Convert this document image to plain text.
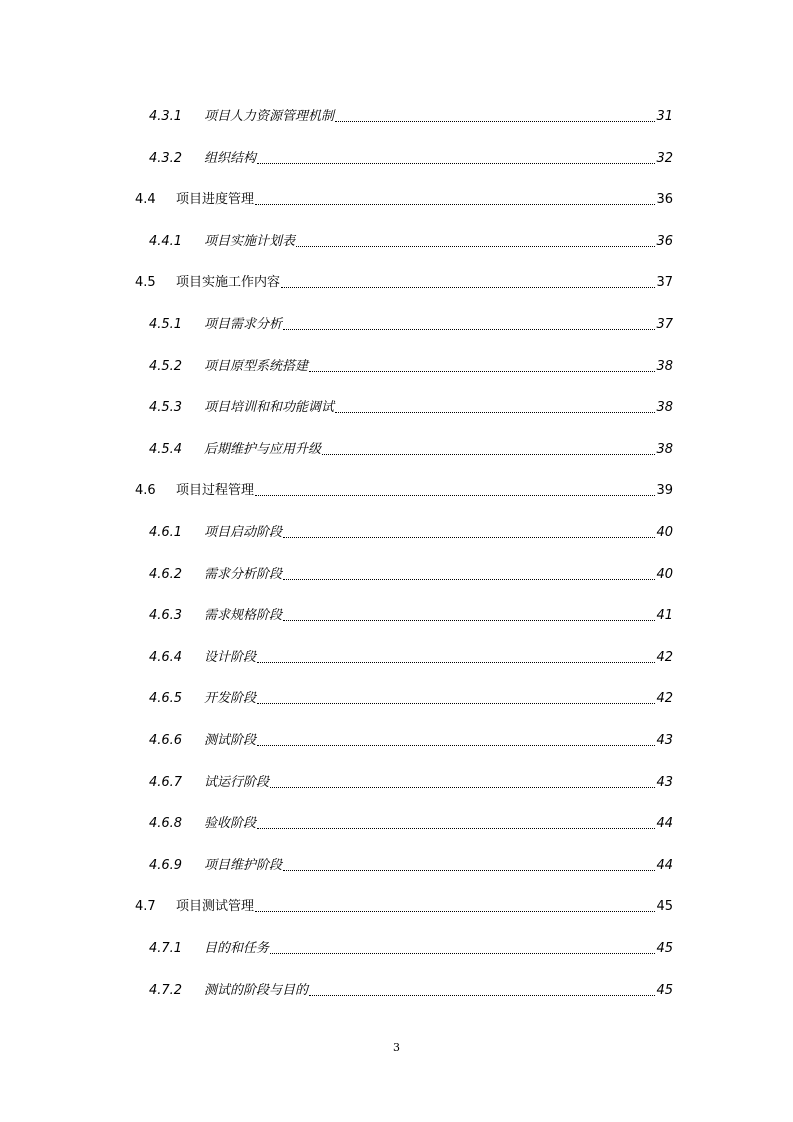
4.3.1	项目人力资源管理机制	31
4.3.2	组织结构	32
4.4	项目进度管理	36
4.4.1	项目实施计划表	36
4.5	项目实施工作内容	37
4.5.1	项目需求分析	37
4.5.2	项目原型系统搭建	38
4.5.3	项目培训和和功能调试	38
4.5.4	后期维护与应用升级	38
4.6	项目过程管理	39
4.6.1	项目启动阶段	40
4.6.2	需求分析阶段	40
4.6.3	需求规格阶段	41
4.6.4	设计阶段	42
4.6.5	开发阶段	42
4.6.6	测试阶段	43
4.6.7	试运行阶段	43
4.6.8	验收阶段	44
4.6.9	项目维护阶段	44
4.7	项目测试管理	45
4.7.1	目的和任务	45
4.7.2	测试的阶段与目的	45
3
